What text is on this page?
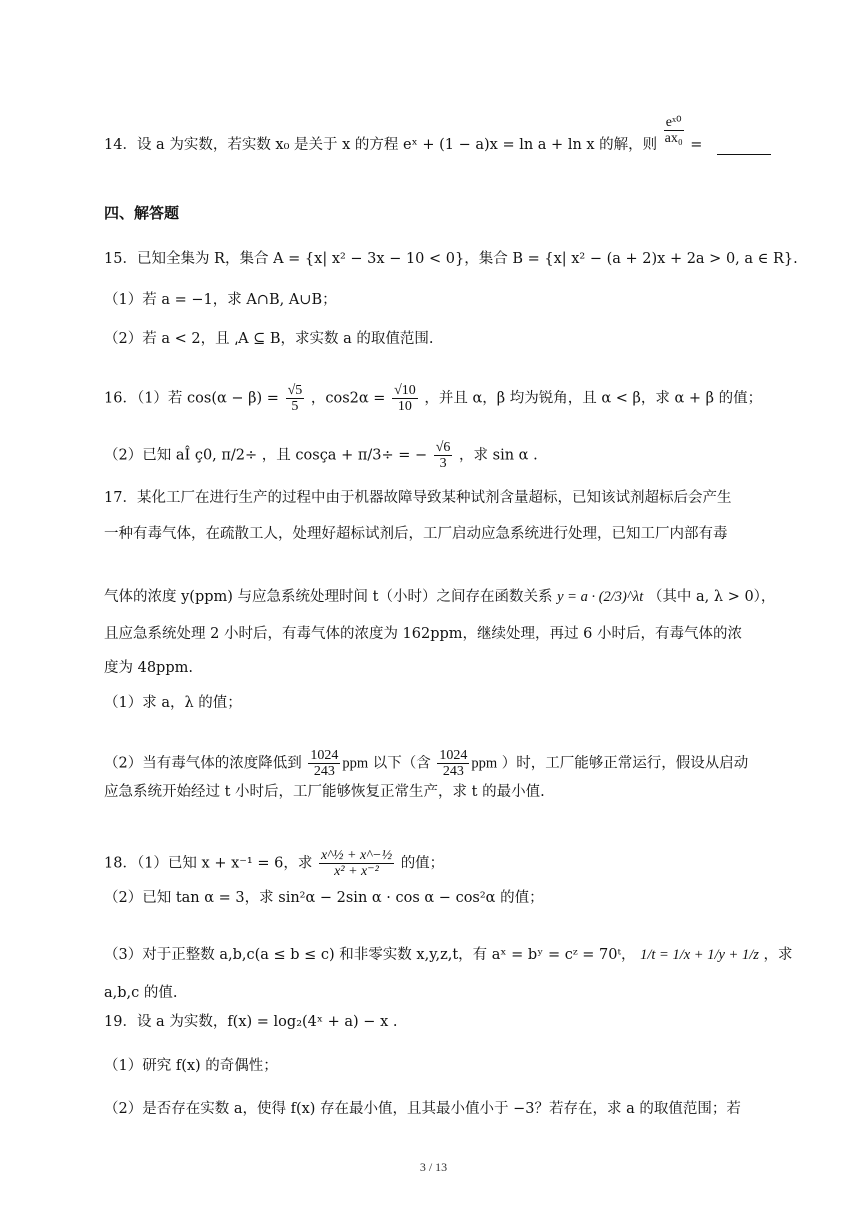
14．设 a 为实数，若实数 x₀ 是关于 x 的方程 eˣ + (1 − a)x = ln a + ln x 的解，则 $\frac{\text{eˣ⁰}}{\text{ax₀}}$ =
四、解答题
15．已知全集为 R，集合 A = {x| x² − 3x − 10 < 0}，集合 B = {x| x² − (a + 2)x + 2a > 0, a ∈ R}.
（1）若 a = −1，求 A∩B, A∪B；
（2）若 a < 2，且 ⸲A ⊆ B，求实数 a 的取值范围.
16．（1）若 $\cos(\alpha - \beta) = \frac{√5}{5}$ ，$\cos 2\alpha = \frac{√10}{10}$ ，并且 α，β 均为锐角，且 α < β，求 α + β 的值；
（2）已知 aÎ ç0, π/2÷ ，且 cosça + π/3÷ = − $\frac{√6}{3}$ ，求 sin α .
17．某化工厂在进行生产的过程中由于机器故障导致某种试剂含量超标，已知该试剂超标后会产生
一种有毒气体，在疏散工人，处理好超标试剂后，工厂启动应急系统进行处理，已知工厂内部有毒
气体的浓度 y(ppm) 与应急系统处理时间 t（小时）之间存在函数关系 y = a · (2/3)^λt （其中 a, λ > 0），
且应急系统处理 2 小时后，有毒气体的浓度为 162ppm，继续处理，再过 6 小时后，有毒气体的浓
度为 48ppm.
（1）求 a，λ 的值；
（2）当有毒气体的浓度降低到 $\frac{1024}{243}$ ppm 以下（含 $\frac{1024}{243}$ ppm ）时，工厂能够正常运行，假设从启动
应急系统开始经过 t 小时后，工厂能够恢复正常生产，求 t 的最小值.
18．（1）已知 x + x⁻¹ = 6，求 $\frac{\text{x\textasciicircum{}½ + x\textasciicircum{}−½}}{\text{x² + x⁻²}}$ 的值；
（2）已知 tan α = 3，求 sin²α − 2sin α · cos α − cos²α 的值；
（3）对于正整数 a,b,c(a ≤ b ≤ c) 和非零实数 x,y,z,t，有 aˣ = bʸ = cᶻ = 70ᵗ， 1/t = 1/x + 1/y + 1/z ，求
a,b,c 的值.
19．设 a 为实数，f(x) = log₂(4ˣ + a) − x .
（1）研究 f(x) 的奇偶性；
（2）是否存在实数 a，使得 f(x) 存在最小值，且其最小值小于 −3？若存在，求 a 的取值范围；若
3 / 13
